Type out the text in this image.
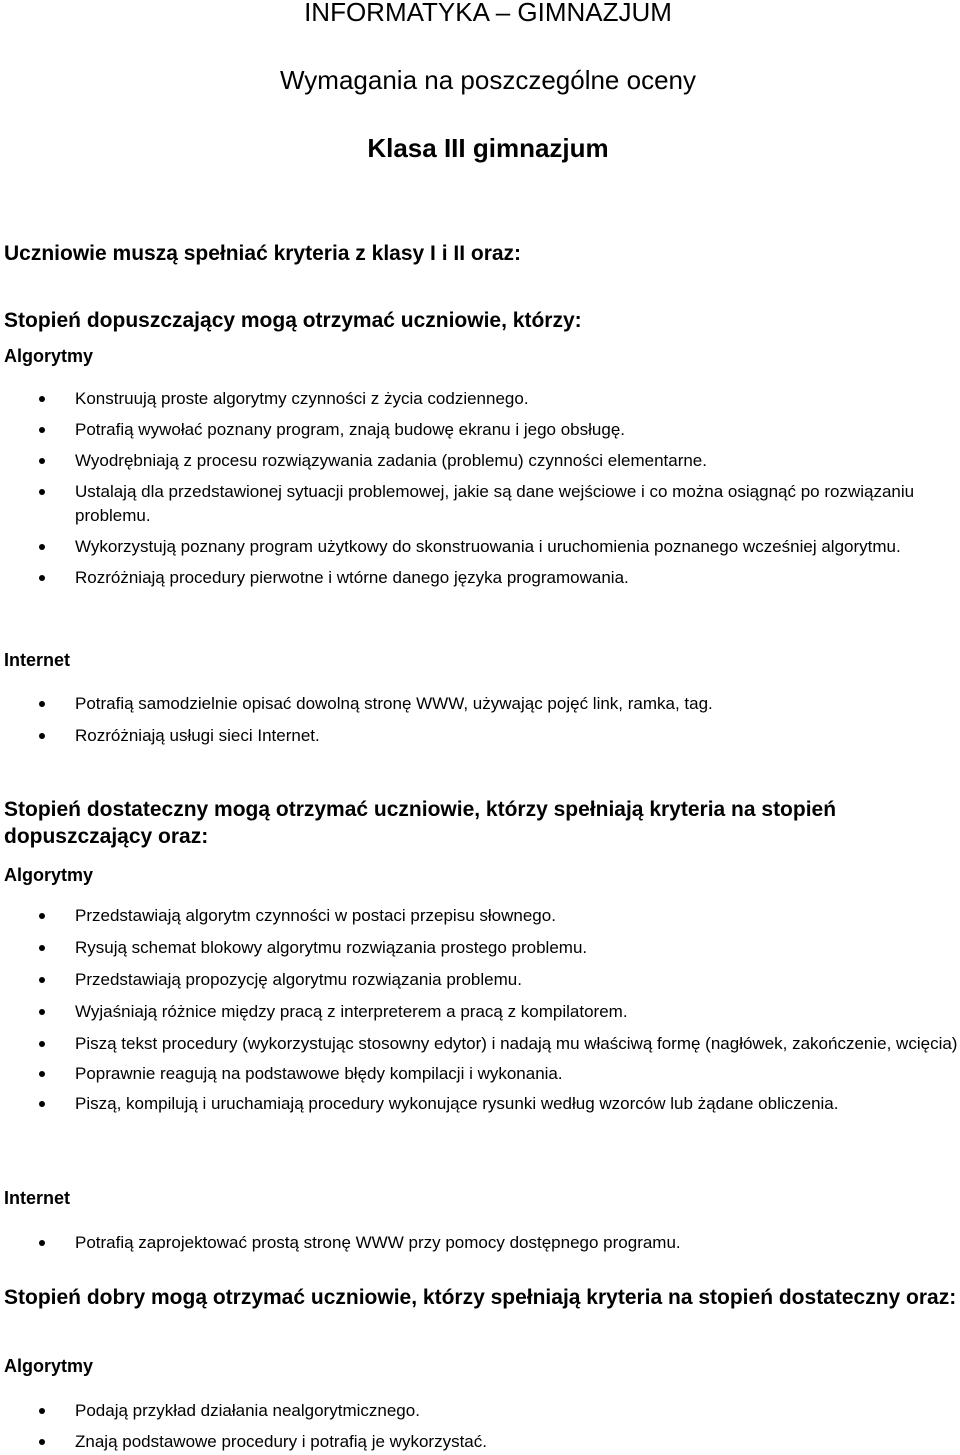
INFORMATYKA – GIMNAZJUM
Wymagania na poszczególne oceny
Klasa III gimnazjum
Uczniowie muszą spełniać kryteria z klasy I i II oraz:
Stopień dopuszczający mogą otrzymać uczniowie, którzy:
Algorytmy
Konstruują proste algorytmy czynności z życia codziennego.
Potrafią wywołać poznany program, znają budowę ekranu i jego obsługę.
Wyodrębniają z procesu rozwiązywania zadania (problemu) czynności elementarne.
Ustalają dla przedstawionej sytuacji problemowej, jakie są dane wejściowe i co można osiągnąć po rozwiązaniu problemu.
Wykorzystują poznany program użytkowy do skonstruowania i uruchomienia poznanego wcześniej algorytmu.
Rozróżniają procedury pierwotne i wtórne danego języka programowania.
Internet
Potrafią samodzielnie opisać dowolną stronę WWW, używając pojęć link, ramka, tag.
Rozróżniają usługi sieci Internet.
Stopień dostateczny mogą otrzymać uczniowie, którzy spełniają kryteria na stopień dopuszczający oraz:
Algorytmy
Przedstawiają algorytm czynności w postaci przepisu słownego.
Rysują schemat blokowy algorytmu rozwiązania prostego problemu.
Przedstawiają propozycję algorytmu rozwiązania problemu.
Wyjaśniają różnice między pracą z interpreterem a pracą z kompilatorem.
Piszą tekst procedury (wykorzystując stosowny edytor) i nadają mu właściwą formę (nagłówek, zakończenie, wcięcia)
Poprawnie reagują na podstawowe błędy kompilacji i wykonania.
Piszą, kompilują i uruchamiają procedury wykonujące rysunki według wzorców lub żądane obliczenia.
Internet
Potrafią zaprojektować prostą stronę WWW przy pomocy dostępnego programu.
Stopień dobry mogą otrzymać uczniowie, którzy spełniają kryteria na stopień dostateczny oraz:
Algorytmy
Podają przykład działania nealgorytmicznego.
Znają podstawowe procedury i potrafią je wykorzystać.
